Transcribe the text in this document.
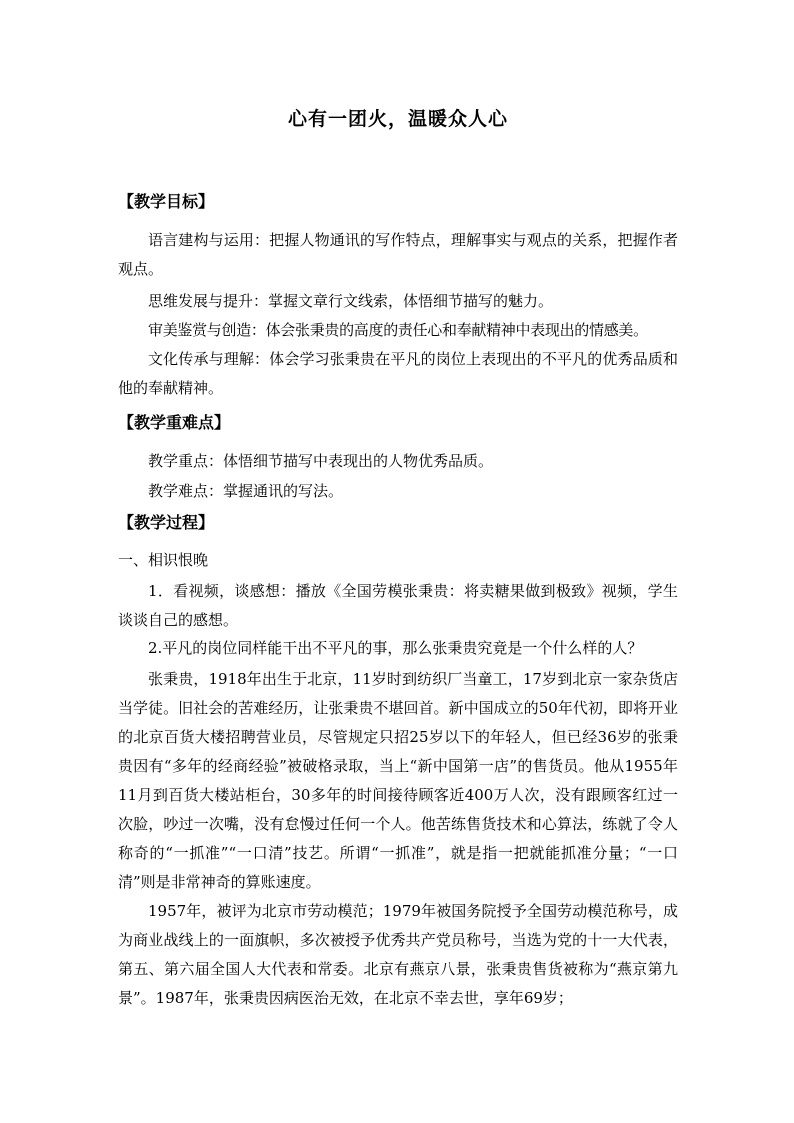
心有一团火，温暖众人心
【教学目标】

语言建构与运用：把握人物通讯的写作特点，理解事实与观点的关系，把握作者观点。

思维发展与提升：掌握文章行文线索，体悟细节描写的魅力。

审美鉴赏与创造：体会张秉贵的高度的责任心和奉献精神中表现出的情感美。

文化传承与理解：体会学习张秉贵在平凡的岗位上表现出的不平凡的优秀品质和他的奉献精神。

【教学重难点】

教学重点：体悟细节描写中表现出的人物优秀品质。

教学难点：掌握通讯的写法。

【教学过程】

一、相识恨晚

1．看视频，谈感想：播放《全国劳模张秉贵：将卖糖果做到极致》视频，学生谈谈自己的感想。

2.平凡的岗位同样能干出不平凡的事，那么张秉贵究竟是一个什么样的人？

张秉贵，1918年出生于北京，11岁时到纺织厂当童工，17岁到北京一家杂货店当学徒。旧社会的苦难经历，让张秉贵不堪回首。新中国成立的50年代初，即将开业的北京百货大楼招聘营业员，尽管规定只招25岁以下的年轻人，但已经36岁的张秉贵因有“多年的经商经验”被破格录取，当上“新中国第一店”的售货员。他从1955年11月到百货大楼站柜台，30多年的时间接待顾客近400万人次，没有跟顾客红过一次脸，吵过一次嘴，没有怠慢过任何一个人。他苦练售货技术和心算法，练就了令人称奇的“一抓准”“一口清”技艺。所谓“一抓准”，就是指一把就能抓准分量；“一口清”则是非常神奇的算账速度。

1957年，被评为北京市劳动模范；1979年被国务院授予全国劳动模范称号，成为商业战线上的一面旗帜，多次被授予优秀共产党员称号，当选为党的十一大代表，第五、第六届全国人大代表和常委。北京有燕京八景，张秉贵售货被称为“燕京第九景”。1987年，张秉贵因病医治无效，在北京不幸去世，享年69岁；
